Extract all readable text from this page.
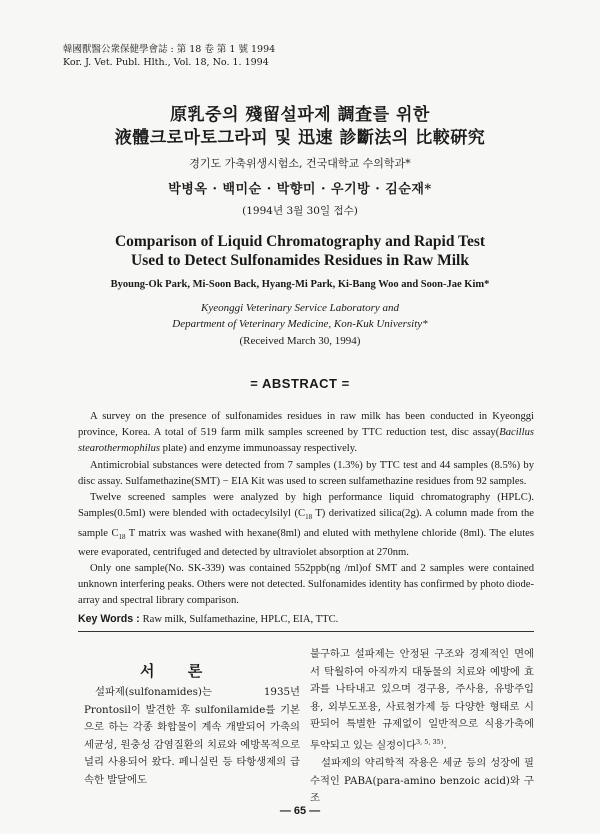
韓國獸醫公衆保健學會誌 : 第 18 卷 第 1 號 1994
Kor. J. Vet. Publ. Hlth., Vol. 18, No. 1. 1994
原乳중의 殘留설파제 調査를 위한
液體크로마토그라피 및 迅速 診斷法의 比較硏究
경기도 가축위생시험소, 건국대학교 수의학과*
박병옥 · 백미순 · 박향미 · 우기방 · 김순재*
(1994년 3월 30일 접수)
Comparison of Liquid Chromatography and Rapid Test
Used to Detect Sulfonamides Residues in Raw Milk
Byoung-Ok Park, Mi-Soon Back, Hyang-Mi Park, Ki-Bang Woo and Soon-Jae Kim*
Kyeonggi Veterinary Service Laboratory and
Department of Veterinary Medicine, Kon-Kuk University*
(Received March 30, 1994)
= ABSTRACT =

A survey on the presence of sulfonamides residues in raw milk has been conducted in Kyeonggi province, Korea. A total of 519 farm milk samples screened by TTC reduction test, disc assay(Bacillus stearothermophilus plate) and enzyme immunoassay respectively.

Antimicrobial substances were detected from 7 samples (1.3%) by TTC test and 44 samples (8.5%) by disc assay. Sulfamethazine(SMT) − EIA Kit was used to screen sulfamethazine residues from 92 samples.

Twelve screened samples were analyzed by high performance liquid chromatography (HPLC). Samples(0.5ml) were blended with octadecylsilyl ($C_{18}$ T) derivatized silica(2g). A column made from the sample $C_{18}$ T matrix was washed with hexane(8ml) and eluted with methylene chloride (8ml). The elutes were evaporated, centrifuged and detected by ultraviolet absorption at 270nm.

Only one sample(No. SK-339) was contained 552ppb(ng /ml)of SMT and 2 samples were contained unknown interfering peaks. Others were not detected. Sulfonamides identity has confirmed by photo diode-array and spectral library comparison.

Key Words : Raw milk, Sulfamethazine, HPLC, EIA, TTC.
서 론

설파제(sulfonamides)는 1935년 Prontosil이 발견한 후 sulfonilamide를 기본으로 하는 각종 화합물이 계속 개발되어 가축의 세균성, 원충성 감염질환의 치료와 예방목적으로 널리 사용되어 왔다. 페니실린 등 타항생제의 급속한 발달에도

불구하고 설파제는 안정된 구조와 경제적인 면에서 탁월하여 아직까지 대동물의 치료와 예방에 효과를 나타내고 있으며 경구용, 주사용, 유방주입용, 외부도포용, 사료첨가제 등 다양한 형태로 시판되어 특별한 규제없이 일반적으로 식용가축에 투약되고 있는 실정이다$^{3, 5, 35)}$.

설파제의 약리학적 작용은 세균 등의 성장에 필수적인 PABA(para-amino benzoic acid)와 구조

— 65 —
